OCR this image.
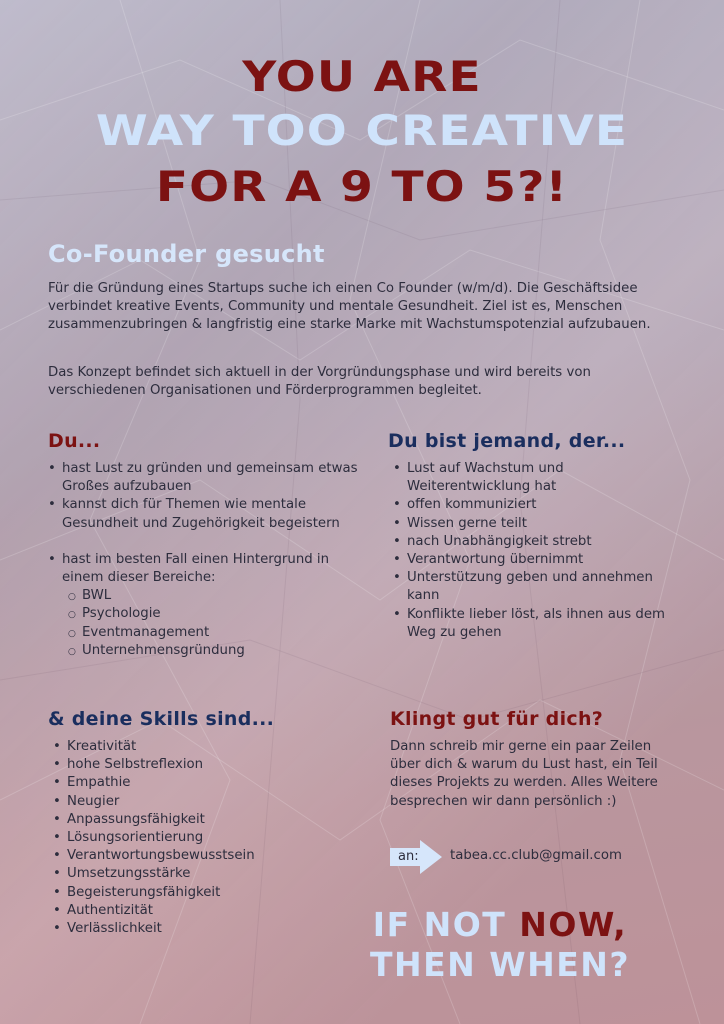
YOU ARE
WAY TOO CREATIVE
FOR A 9 TO 5?!
Co-Founder gesucht
Für die Gründung eines Startups suche ich einen Co Founder (w/m/d). Die Geschäftsidee verbindet kreative Events, Community und mentale Gesundheit. Ziel ist es, Menschen zusammenzubringen & langfristig eine starke Marke mit Wachstumspotenzial aufzubauen.
Das Konzept befindet sich aktuell in der Vorgründungsphase und wird bereits von verschiedenen Organisationen und Förderprogrammen begleitet.
Du...
• hast Lust zu gründen und gemeinsam etwas Großes aufzubauen
• kannst dich für Themen wie mentale Gesundheit und Zugehörigkeit begeistern
• hast im besten Fall einen Hintergrund in einem dieser Bereiche:
○ BWL
○ Psychologie
○ Eventmanagement
○ Unternehmensgründung
Du bist jemand, der...
• Lust auf Wachstum und Weiterentwicklung hat
• offen kommuniziert
• Wissen gerne teilt
• nach Unabhängigkeit strebt
• Verantwortung übernimmt
• Unterstützung geben und annehmen kann
• Konflikte lieber löst, als ihnen aus dem Weg zu gehen
& deine Skills sind...
• Kreativität
• hohe Selbstreflexion
• Empathie
• Neugier
• Anpassungsfähigkeit
• Lösungsorientierung
• Verantwortungsbewusstsein
• Umsetzungsstärke
• Begeisterungsfähigkeit
• Authentizität
• Verlässlichkeit
Klingt gut für dich?
Dann schreib mir gerne ein paar Zeilen über dich & warum du Lust hast, ein Teil dieses Projekts zu werden. Alles Weitere besprechen wir dann persönlich :)
an: tabea.cc.club@gmail.com
IF NOT NOW,
THEN WHEN?
